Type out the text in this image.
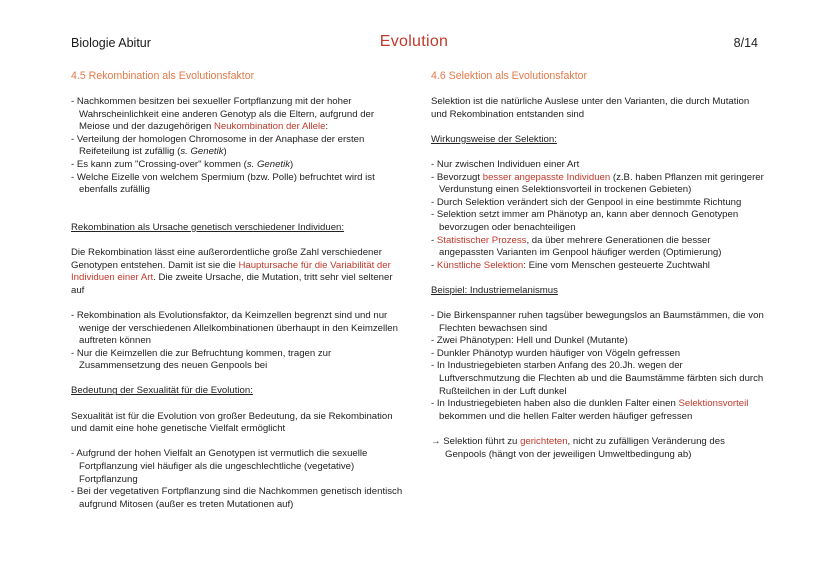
Biologie Abitur	Evolution	8/14
4.5 Rekombination als Evolutionsfaktor

- Nachkommen besitzen bei sexueller Fortpflanzung mit der hoher Wahrscheinlichkeit eine anderen Genotyp als die Eltern, aufgrund der Meiose und der dazugehörigen Neukombination der Allele:

- Verteilung der homologen Chromosome in der Anaphase der ersten Reifeteilung ist zufällig (s. Genetik)

- Es kann zum "Crossing-over" kommen (s. Genetik)

- Welche Eizelle von welchem Spermium (bzw. Polle) befruchtet wird ist ebenfalls zufällig

Rekombination als Ursache genetisch verschiedener Individuen:

Die Rekombination lässt eine außerordentliche große Zahl verschiedener Genotypen entstehen. Damit ist sie die Hauptursache für die Variabilität der Individuen einer Art. Die zweite Ursache, die Mutation, tritt sehr viel seltener auf

- Rekombination als Evolutionsfaktor, da Keimzellen begrenzt sind und nur wenige der verschiedenen Allelkombinationen überhaupt in den Keimzellen auftreten können

- Nur die Keimzellen die zur Befruchtung kommen, tragen zur Zusammensetzung des neuen Genpools bei

Bedeutung der Sexualität für die Evolution:

Sexualität ist für die Evolution von großer Bedeutung, da sie Rekombination und damit eine hohe genetische Vielfalt ermöglicht

- Aufgrund der hohen Vielfalt an Genotypen ist vermutlich die sexuelle Fortpflanzung viel häufiger als die ungeschlechtliche (vegetative) Fortpflanzung

- Bei der vegetativen Fortpflanzung sind die Nachkommen genetisch identisch aufgrund Mitosen (außer es treten Mutationen auf)

4.6 Selektion als Evolutionsfaktor

Selektion ist die natürliche Auslese unter den Varianten, die durch Mutation und Rekombination entstanden sind

Wirkungsweise der Selektion:

- Nur zwischen Individuen einer Art

- Bevorzugt besser angepasste Individuen (z.B. haben Pflanzen mit geringerer Verdunstung einen Selektionsvorteil in trockenen Gebieten)

- Durch Selektion verändert sich der Genpool in eine bestimmte Richtung

- Selektion setzt immer am Phänotyp an, kann aber dennoch Genotypen bevorzugen oder benachteiligen

- Statistischer Prozess, da über mehrere Generationen die besser angepassten Varianten im Genpool häufiger werden (Optimierung)

- Künstliche Selektion: Eine vom Menschen gesteuerte Zuchtwahl

Beispiel: Industriemelanismus

- Die Birkenspanner ruhen tagsüber bewegungslos an Baumstämmen, die von Flechten bewachsen sind

- Zwei Phänotypen: Hell und Dunkel (Mutante)

- Dunkler Phänotyp wurden häufiger von Vögeln gefressen

- In Industriegebieten starben Anfang des 20.Jh. wegen der Luftverschmutzung die Flechten ab und die Baumstämme färbten sich durch Rußteilchen in der Luft dunkel

- In Industriegebieten haben also die dunklen Falter einen Selektionsvorteil bekommen und die hellen Falter werden häufiger gefressen

→ Selektion führt zu gerichteten, nicht zu zufälligen Veränderung des Genpools (hängt von der jeweiligen Umweltbedingung ab)
